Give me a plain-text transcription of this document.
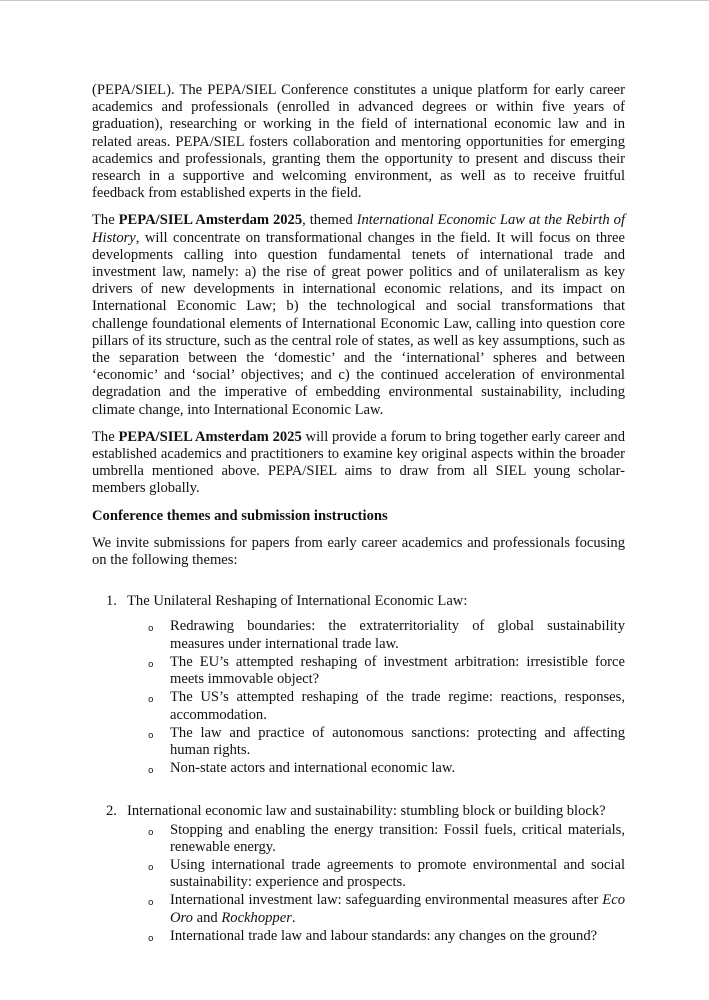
(PEPA/SIEL). The PEPA/SIEL Conference constitutes a unique platform for early career academics and professionals (enrolled in advanced degrees or within five years of graduation), researching or working in the field of international economic law and in related areas. PEPA/SIEL fosters collaboration and mentoring opportunities for emerging academics and professionals, granting them the opportunity to present and discuss their research in a supportive and welcoming environment, as well as to receive fruitful feedback from established experts in the field.

The PEPA/SIEL Amsterdam 2025, themed International Economic Law at the Rebirth of History, will concentrate on transformational changes in the field. It will focus on three developments calling into question fundamental tenets of international trade and investment law, namely: a) the rise of great power politics and of unilateralism as key drivers of new developments in international economic relations, and its impact on International Economic Law; b) the technological and social transformations that challenge foundational elements of International Economic Law, calling into question core pillars of its structure, such as the central role of states, as well as key assumptions, such as the separation between the ‘domestic’ and the ‘international’ spheres and between ‘economic’ and ‘social’ objectives; and c) the continued acceleration of environmental degradation and the imperative of embedding environmental sustainability, including climate change, into International Economic Law.

The PEPA/SIEL Amsterdam 2025 will provide a forum to bring together early career and established academics and practitioners to examine key original aspects within the broader umbrella mentioned above. PEPA/SIEL aims to draw from all SIEL young scholar-members globally.

Conference themes and submission instructions

We invite submissions for papers from early career academics and professionals focusing on the following themes:

1. The Unilateral Reshaping of International Economic Law:
o	Redrawing boundaries: the extraterritoriality of global sustainability measures under international trade law.
o	The EU’s attempted reshaping of investment arbitration: irresistible force meets immovable object?
o	The US’s attempted reshaping of the trade regime: reactions, responses, accommodation.
o	The law and practice of autonomous sanctions: protecting and affecting human rights.
o	Non-state actors and international economic law.
2. International economic law and sustainability: stumbling block or building block?
o	Stopping and enabling the energy transition: Fossil fuels, critical materials, renewable energy.
o	Using international trade agreements to promote environmental and social sustainability: experience and prospects.
o	International investment law: safeguarding environmental measures after Eco Oro and Rockhopper.
o	International trade law and labour standards: any changes on the ground?
